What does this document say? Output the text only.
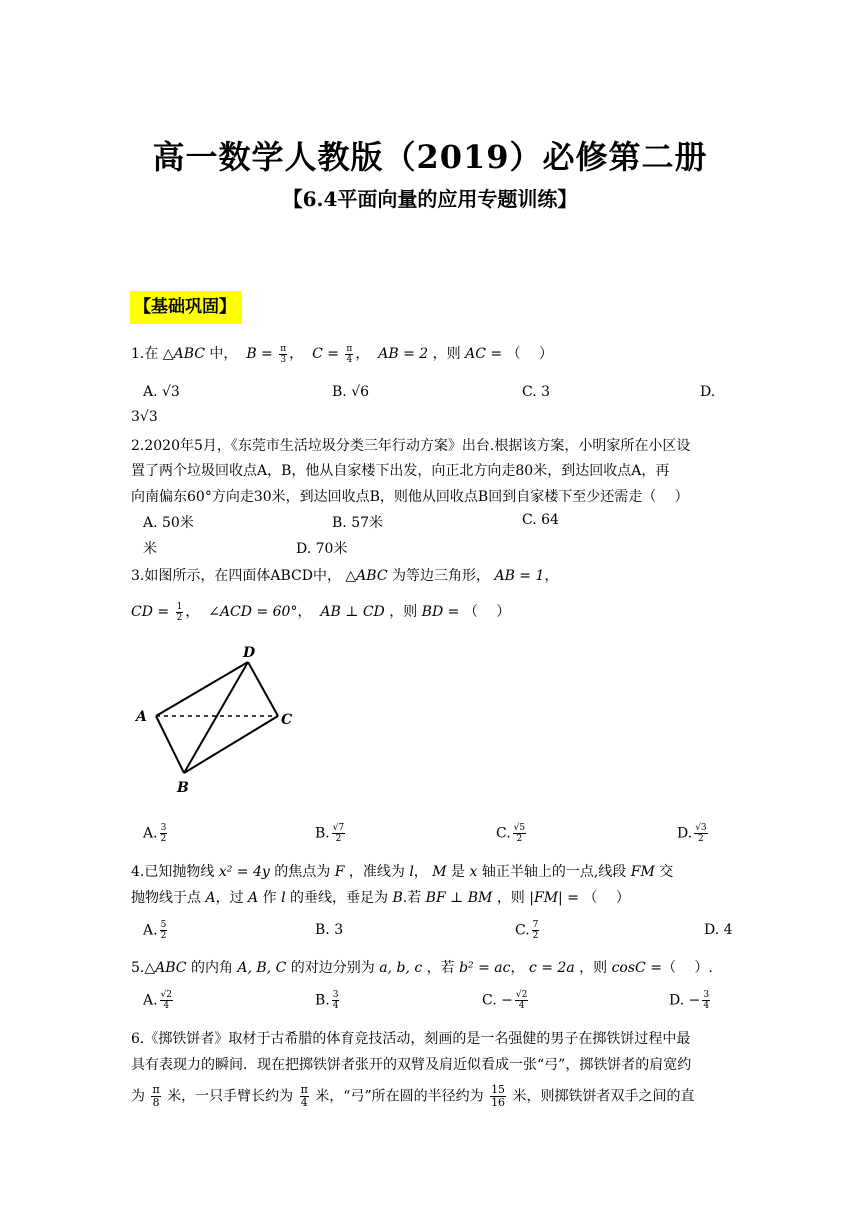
高一数学人教版（2019）必修第二册
【6.4平面向量的应用专题训练】
【基础巩固】
1.在 △ABC 中， $B = \frac{\pi}{3}$ ，  $C = \frac{\pi}{4}$ ，  AB = 2 ，则 AC = （　 ）
A. √3	B. √6	C. 3	D.
3√3
2.2020年5月，《东莞市生活垃圾分类三年行动方案》出台.根据该方案，小明家所在小区设
置了两个垃圾回收点A，B，他从自家楼下出发，向正北方向走80米，到达回收点A，再
向南偏东60°方向走30米，到达回收点B，则他从回收点B回到自家楼下至少还需走（　 ）
A. 50米	B. 57米	C. 64
米	D. 70米
3.如图所示，在四面体ABCD中， △ABC 为等边三角形， AB = 1，
CD = $\frac{1}{2}$ ，  ∠ACD = 60°，  AB ⊥ CD ，则 BD = （　 ）
A
B
C
D
A. $\frac{3}{2}$	B. $\frac{√7}{2}$	C. $\frac{√5}{2}$	D. $\frac{√3}{2}$
4.已知抛物线 x² = 4y 的焦点为 F ，准线为 l， M 是 x 轴正半轴上的一点,线段 FM 交
抛物线于点 A，过 A 作 l 的垂线，垂足为 B.若 BF ⊥ BM ，则 |FM| = （　 ）
A. $\frac{5}{2}$	B. 3	C. $\frac{7}{2}$	D. 4
5.△ABC 的内角 A, B, C 的对边分别为 a, b, c ，若 b² = ac， c = 2a ，则 cosC =（　 ）.
A. $\frac{√2}{4}$	B. $\frac{3}{4}$	C. − $\frac{√2}{4}$	D. − $\frac{3}{4}$
6.《掷铁饼者》取材于古希腊的体育竞技活动，刻画的是一名强健的男子在掷铁饼过程中最
具有表现力的瞬间．现在把掷铁饼者张开的双臂及肩近似看成一张“弓”，掷铁饼者的肩宽约
为 $\frac{\pi}{8}$ 米，一只手臂长约为 $\frac{\pi}{4}$ 米，“弓”所在圆的半径约为 $\frac{15}{16}$ 米，则掷铁饼者双手之间的直
